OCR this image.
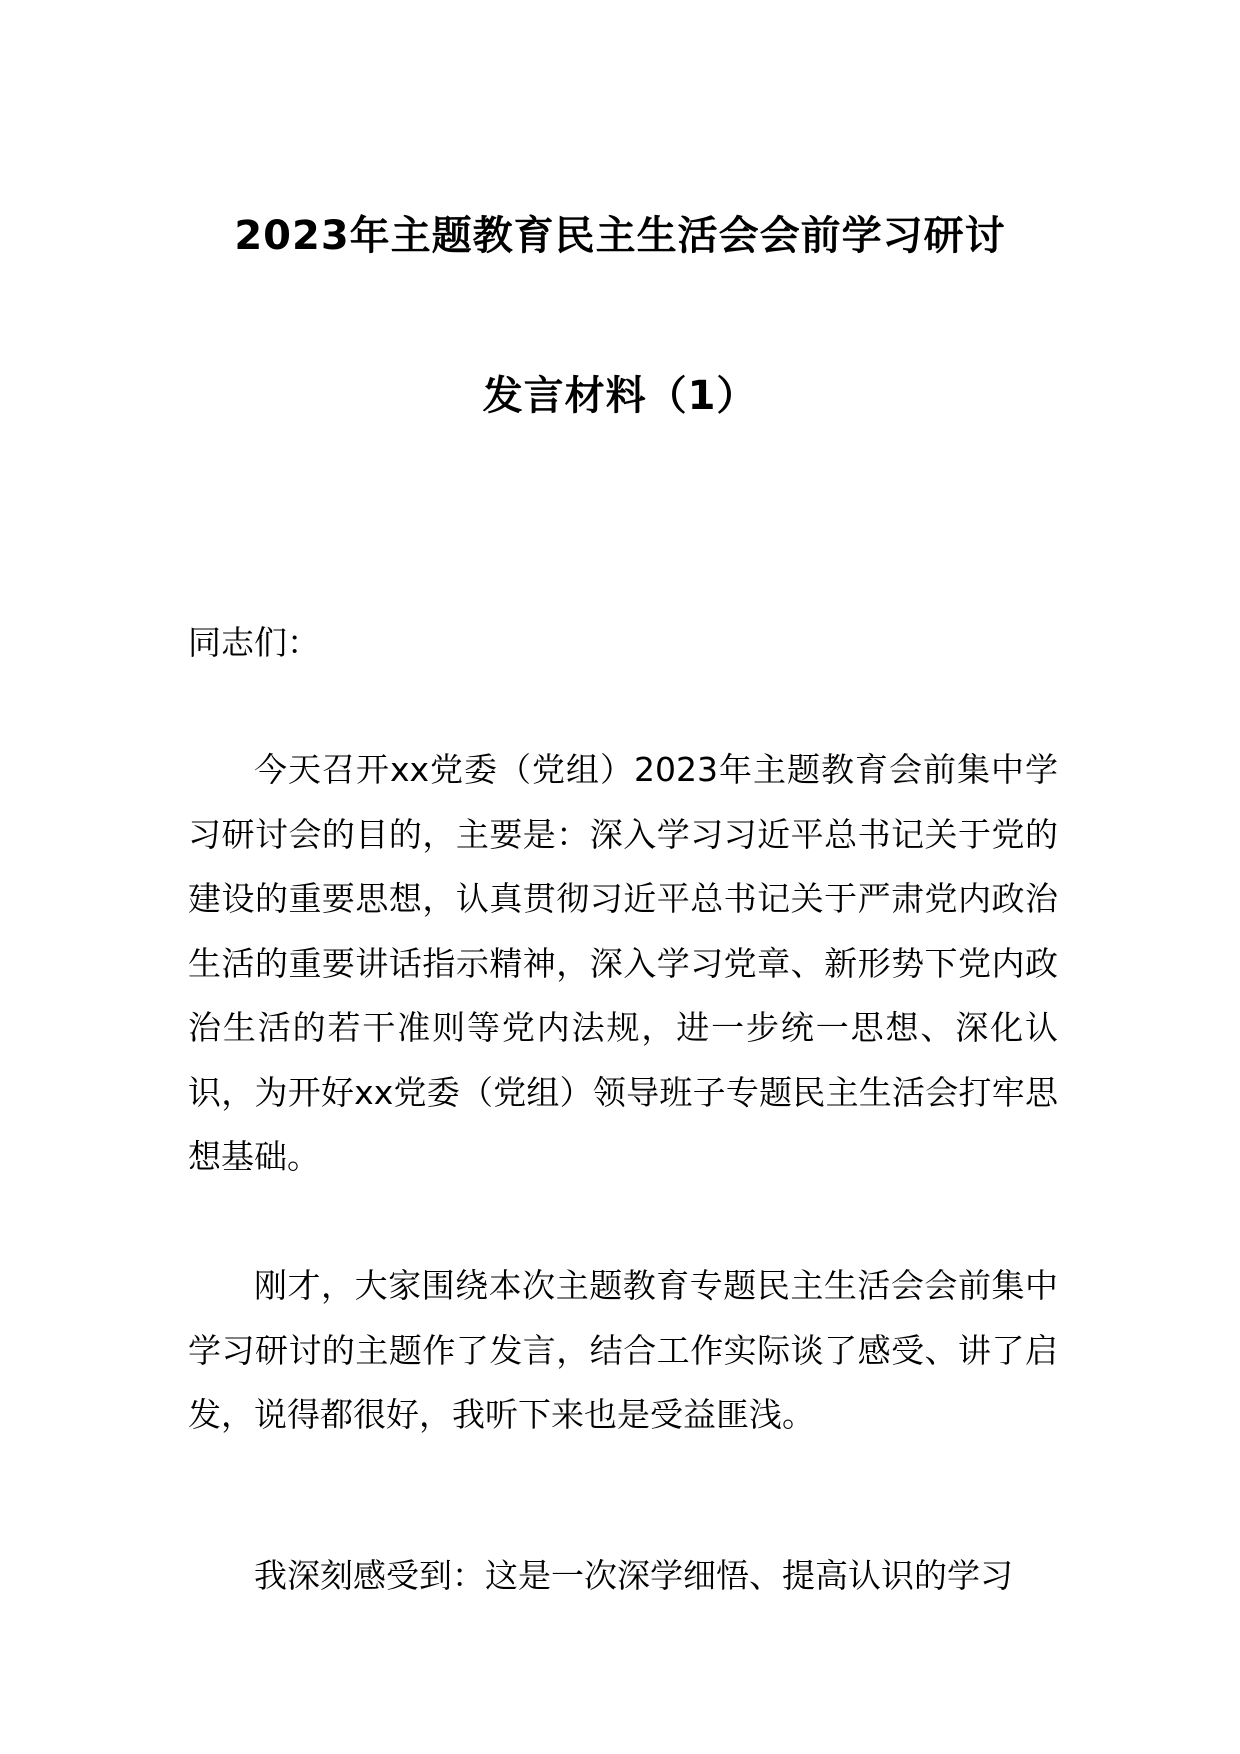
2023年主题教育民主生活会会前学习研讨
发言材料（1）
同志们：
今天召开xx党委（党组）2023年主题教育会前集中学习研讨会的目的，主要是：深入学习习近平总书记关于党的建设的重要思想，认真贯彻习近平总书记关于严肃党内政治生活的重要讲话指示精神，深入学习党章、新形势下党内政治生活的若干准则等党内法规，进一步统一思想、深化认识，为开好xx党委（党组）领导班子专题民主生活会打牢思想基础。
刚才，大家围绕本次主题教育专题民主生活会会前集中学习研讨的主题作了发言，结合工作实际谈了感受、讲了启发，说得都很好，我听下来也是受益匪浅。
我深刻感受到：这是一次深学细悟、提高认识的学习
